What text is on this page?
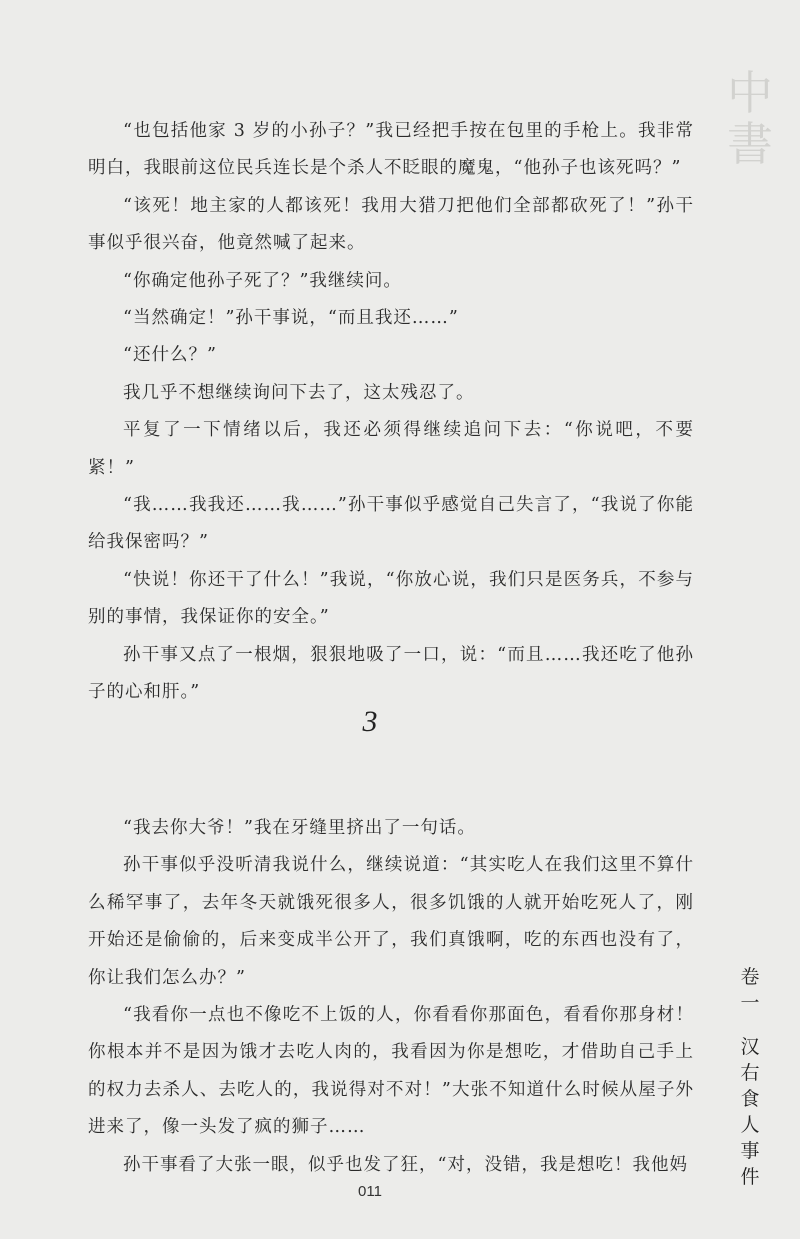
中
書

“也包括他家 3 岁的小孙子？”我已经把手按在包里的手枪上。我非常明白，我眼前这位民兵连长是个杀人不眨眼的魔鬼，“他孙子也该死吗？”

“该死！地主家的人都该死！我用大猎刀把他们全部都砍死了！”孙干事似乎很兴奋，他竟然喊了起来。

“你确定他孙子死了？”我继续问。

“当然确定！”孙干事说，“而且我还……”

“还什么？”

我几乎不想继续询问下去了，这太残忍了。

平复了一下情绪以后，我还必须得继续追问下去：“你说吧，不要紧！”

“我……我我还……我……”孙干事似乎感觉自己失言了，“我说了你能给我保密吗？”

“快说！你还干了什么！”我说，“你放心说，我们只是医务兵，不参与别的事情，我保证你的安全。”

孙干事又点了一根烟，狠狠地吸了一口，说：“而且……我还吃了他孙子的心和肝。”

3

“我去你大爷！”我在牙缝里挤出了一句话。

孙干事似乎没听清我说什么，继续说道：“其实吃人在我们这里不算什么稀罕事了，去年冬天就饿死很多人，很多饥饿的人就开始吃死人了，刚开始还是偷偷的，后来变成半公开了，我们真饿啊，吃的东西也没有了，你让我们怎么办？”

“我看你一点也不像吃不上饭的人，你看看你那面色，看看你那身材！你根本并不是因为饿才去吃人肉的，我看因为你是想吃，才借助自己手上的权力去杀人、去吃人的，我说得对不对！”大张不知道什么时候从屋子外进来了，像一头发了疯的狮子……

孙干事看了大张一眼，似乎也发了狂，“对，没错，我是想吃！我他妈

卷
一
汉
右
食
人
事
件
011
